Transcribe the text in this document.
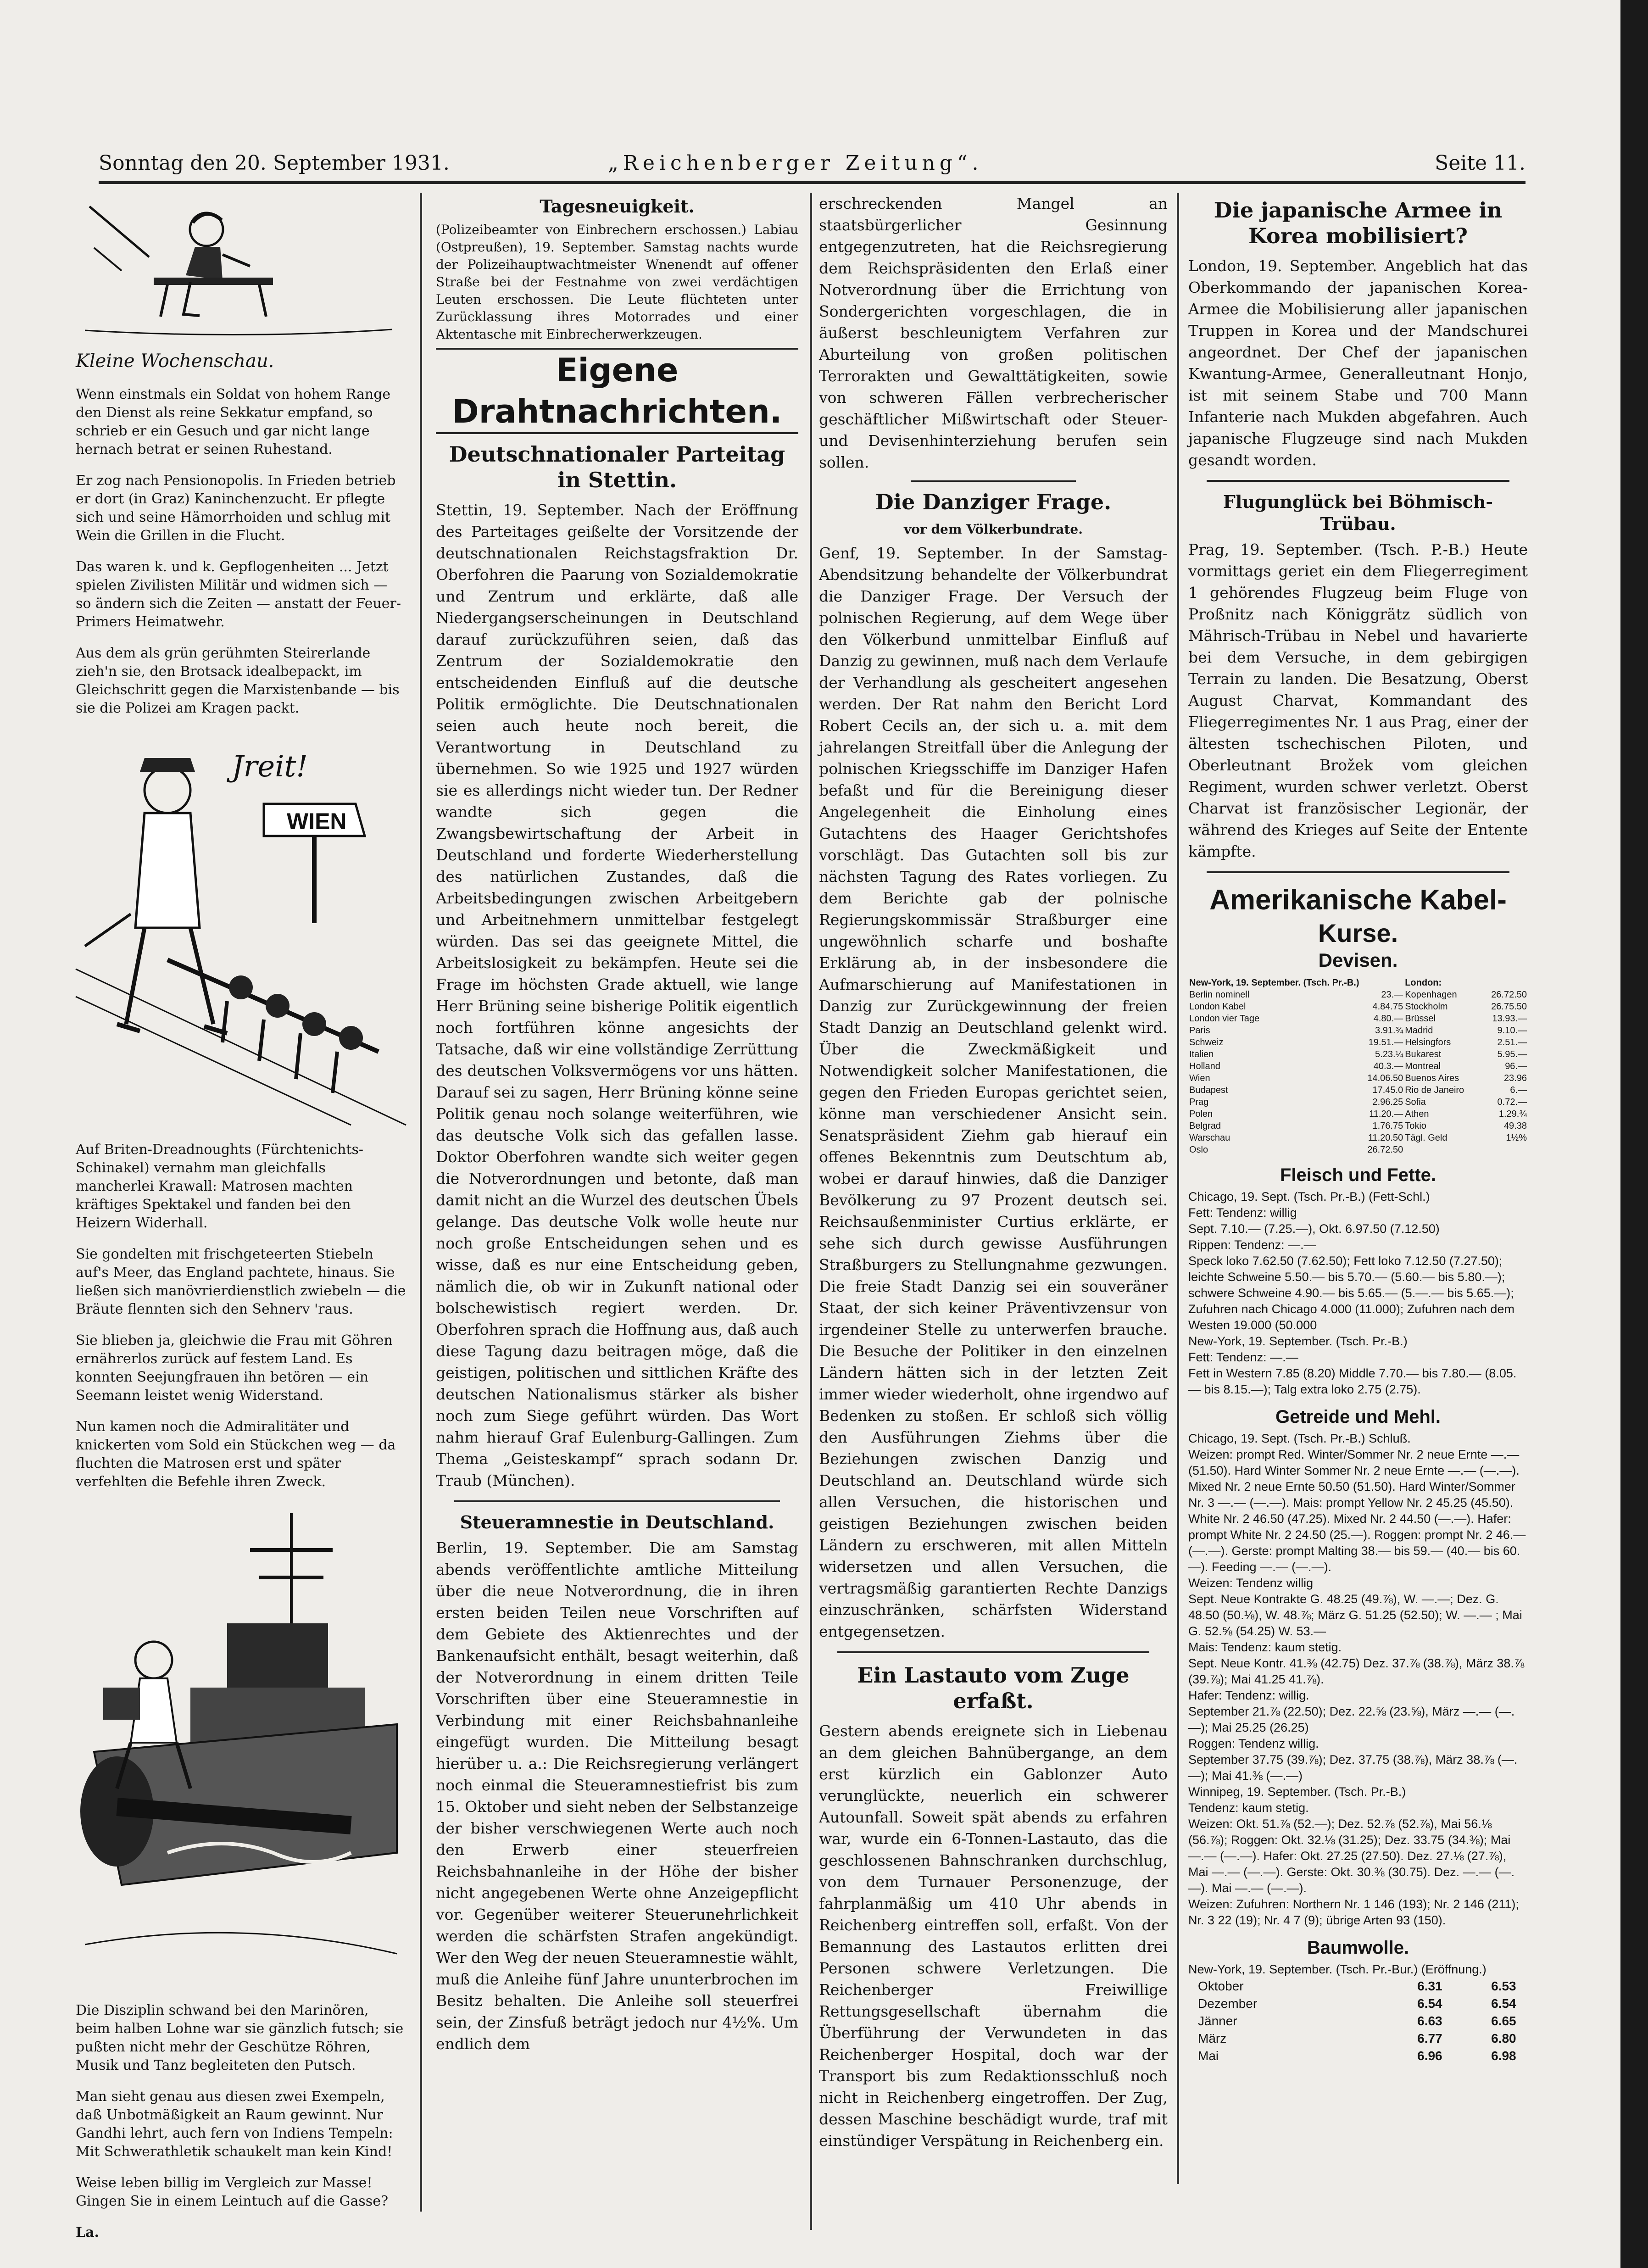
Sonntag den 20. September 1931.	„Reichenberger Zeitung“.	Seite 11.
Kleine Wochenschau.

Wenn einstmals ein Soldat von hohem Range den Dienst als reine Sekkatur empfand, so schrieb er ein Gesuch und gar nicht lange hernach betrat er seinen Ruhestand.

Er zog nach Pensionopolis. In Frieden betrieb er dort (in Graz) Kaninchenzucht. Er pflegte sich und seine Hämorrhoiden und schlug mit Wein die Grillen in die Flucht.

Das waren k. und k. Gepflogenheiten ... Jetzt spielen Zivilisten Militär und widmen sich — so ändern sich die Zeiten — anstatt der Feuer- Primers Heimatwehr.

Aus dem als grün gerühmten Steirerlande zieh'n sie, den Brotsack idealbepackt, im Gleichschritt gegen die Marxistenbande — bis sie die Polizei am Kragen packt.

Jreit!
WIEN

Auf Briten-Dreadnoughts (Fürchtenichts-Schinakel) vernahm man gleichfalls mancherlei Krawall: Matrosen machten kräftiges Spektakel und fanden bei den Heizern Widerhall.

Sie gondelten mit frischgeteerten Stiebeln auf's Meer, das England pachtete, hinaus. Sie ließen sich manövrierdienstlich zwiebeln — die Bräute flennten sich den Sehnerv 'raus.

Sie blieben ja, gleichwie die Frau mit Göhren ernährerlos zurück auf festem Land. Es konnten Seejungfrauen ihn betören — ein Seemann leistet wenig Widerstand.

Nun kamen noch die Admiralitäter und knickerten vom Sold ein Stückchen weg — da fluchten die Matrosen erst und später verfehlten die Befehle ihren Zweck.

Die Disziplin schwand bei den Marinören, beim halben Lohne war sie gänzlich futsch; sie pußten nicht mehr der Geschütze Röhren, Musik und Tanz begleiteten den Putsch.

Man sieht genau aus diesen zwei Exempeln, daß Unbotmäßigkeit an Raum gewinnt. Nur Gandhi lehrt, auch fern von Indiens Tempeln: Mit Schwerathletik schaukelt man kein Kind!

Weise leben billig im Vergleich zur Masse! Gingen Sie in einem Leintuch auf die Gasse?

La.

Tagesneuigkeit.

(Polizeibeamter von Einbrechern erschossen.) Labiau (Ostpreußen), 19. September. Samstag nachts wurde der Polizeihauptwachtmeister Wnenendt auf offener Straße bei der Festnahme von zwei verdächtigen Leuten erschossen. Die Leute flüchteten unter Zurücklassung ihres Motorrades und einer Aktentasche mit Einbrecherwerkzeugen.

Eigene Drahtnachrichten.
Deutschnationaler Parteitag in Stettin.

Stettin, 19. September. Nach der Eröffnung des Parteitages geißelte der Vorsitzende der deutschnationalen Reichstagsfraktion Dr. Oberfohren die Paarung von Sozialdemokratie und Zentrum und erklärte, daß alle Niedergangserscheinungen in Deutschland darauf zurückzuführen seien, daß das Zentrum der Sozialdemokratie den entscheidenden Einfluß auf die deutsche Politik ermöglichte. Die Deutschnationalen seien auch heute noch bereit, die Verantwortung in Deutschland zu übernehmen. So wie 1925 und 1927 würden sie es allerdings nicht wieder tun. Der Redner wandte sich gegen die Zwangsbewirtschaftung der Arbeit in Deutschland und forderte Wiederherstellung des natürlichen Zustandes, daß die Arbeitsbedingungen zwischen Arbeitgebern und Arbeitnehmern unmittelbar festgelegt würden. Das sei das geeignete Mittel, die Arbeitslosigkeit zu bekämpfen. Heute sei die Frage im höchsten Grade aktuell, wie lange Herr Brüning seine bisherige Politik eigentlich noch fortführen könne angesichts der Tatsache, daß wir eine vollständige Zerrüttung des deutschen Volksvermögens vor uns hätten. Darauf sei zu sagen, Herr Brüning könne seine Politik genau noch solange weiterführen, wie das deutsche Volk sich das gefallen lasse. Doktor Oberfohren wandte sich weiter gegen die Notverordnungen und betonte, daß man damit nicht an die Wurzel des deutschen Übels gelange. Das deutsche Volk wolle heute nur noch große Entscheidungen sehen und es wisse, daß es nur eine Entscheidung geben, nämlich die, ob wir in Zukunft national oder bolschewistisch regiert werden. Dr. Oberfohren sprach die Hoffnung aus, daß auch diese Tagung dazu beitragen möge, daß die geistigen, politischen und sittlichen Kräfte des deutschen Nationalismus stärker als bisher noch zum Siege geführt würden. Das Wort nahm hierauf Graf Eulenburg-Gallingen. Zum Thema „Geisteskampf“ sprach sodann Dr. Traub (München).

Steueramnestie in Deutschland.

Berlin, 19. September. Die am Samstag abends veröffentlichte amtliche Mitteilung über die neue Notverordnung, die in ihren ersten beiden Teilen neue Vorschriften auf dem Gebiete des Aktienrechtes und der Bankenaufsicht enthält, besagt weiterhin, daß der Notverordnung in einem dritten Teile Vorschriften über eine Steueramnestie in Verbindung mit einer Reichsbahnanleihe eingefügt wurden. Die Mitteilung besagt hierüber u. a.: Die Reichsregierung verlängert noch einmal die Steueramnestiefrist bis zum 15. Oktober und sieht neben der Selbstanzeige der bisher verschwiegenen Werte auch noch den Erwerb einer steuerfreien Reichsbahnanleihe in der Höhe der bisher nicht angegebenen Werte ohne Anzeigepflicht vor. Gegenüber weiterer Steuerunehrlichkeit werden die schärfsten Strafen angekündigt. Wer den Weg der neuen Steueramnestie wählt, muß die Anleihe fünf Jahre ununterbrochen im Besitz behalten. Die Anleihe soll steuerfrei sein, der Zinsfuß beträgt jedoch nur 4½%. Um endlich dem

erschreckenden Mangel an staatsbürgerlicher Gesinnung entgegenzutreten, hat die Reichsregierung dem Reichspräsidenten den Erlaß einer Notverordnung über die Errichtung von Sondergerichten vorgeschlagen, die in äußerst beschleunigtem Verfahren zur Aburteilung von großen politischen Terrorakten und Gewalttätigkeiten, sowie von schweren Fällen verbrecherischer geschäftlicher Mißwirtschaft oder Steuer- und Devisenhinterziehung berufen sein sollen.

Die Danziger Frage.
vor dem Völkerbundrate.

Genf, 19. September. In der Samstag-Abendsitzung behandelte der Völkerbundrat die Danziger Frage. Der Versuch der polnischen Regierung, auf dem Wege über den Völkerbund unmittelbar Einfluß auf Danzig zu gewinnen, muß nach dem Verlaufe der Verhandlung als gescheitert angesehen werden. Der Rat nahm den Bericht Lord Robert Cecils an, der sich u. a. mit dem jahrelangen Streitfall über die Anlegung der polnischen Kriegsschiffe im Danziger Hafen befaßt und für die Bereinigung dieser Angelegenheit die Einholung eines Gutachtens des Haager Gerichtshofes vorschlägt. Das Gutachten soll bis zur nächsten Tagung des Rates vorliegen. Zu dem Berichte gab der polnische Regierungskommissär Straßburger eine ungewöhnlich scharfe und boshafte Erklärung ab, in der insbesondere die Aufmarschierung auf Manifestationen in Danzig zur Zurückgewinnung der freien Stadt Danzig an Deutschland gelenkt wird. Über die Zweckmäßigkeit und Notwendigkeit solcher Manifestationen, die gegen den Frieden Europas gerichtet seien, könne man verschiedener Ansicht sein. Senatspräsident Ziehm gab hierauf ein offenes Bekenntnis zum Deutschtum ab, wobei er darauf hinwies, daß die Danziger Bevölkerung zu 97 Prozent deutsch sei. Reichsaußenminister Curtius erklärte, er sehe sich durch gewisse Ausführungen Straßburgers zu Stellungnahme gezwungen. Die freie Stadt Danzig sei ein souveräner Staat, der sich keiner Präventivzensur von irgendeiner Stelle zu unterwerfen brauche. Die Besuche der Politiker in den einzelnen Ländern hätten sich in der letzten Zeit immer wieder wiederholt, ohne irgendwo auf Bedenken zu stoßen. Er schloß sich völlig den Ausführungen Ziehms über die Beziehungen zwischen Danzig und Deutschland an. Deutschland würde sich allen Versuchen, die historischen und geistigen Beziehungen zwischen beiden Ländern zu erschweren, mit allen Mitteln widersetzen und allen Versuchen, die vertragsmäßig garantierten Rechte Danzigs einzuschränken, schärfsten Widerstand entgegensetzen.

Ein Lastauto vom Zuge erfaßt.

Gestern abends ereignete sich in Liebenau an dem gleichen Bahnübergange, an dem erst kürzlich ein Gablonzer Auto verunglückte, neuerlich ein schwerer Autounfall. Soweit spät abends zu erfahren war, wurde ein 6-Tonnen-Lastauto, das die geschlossenen Bahnschranken durchschlug, von dem Turnauer Personenzuge, der fahrplanmäßig um 410 Uhr abends in Reichenberg eintreffen soll, erfaßt. Von der Bemannung des Lastautos erlitten drei Personen schwere Verletzungen. Die Reichenberger Freiwillige Rettungsgesellschaft übernahm die Überführung der Verwundeten in das Reichenberger Hospital, doch war der Transport bis zum Redaktionsschluß noch nicht in Reichenberg eingetroffen. Der Zug, dessen Maschine beschädigt wurde, traf mit einstündiger Verspätung in Reichenberg ein.

Die japanische Armee in Korea mobilisiert?

London, 19. September. Angeblich hat das Oberkommando der japanischen Korea-Armee die Mobilisierung aller japanischen Truppen in Korea und der Mandschurei angeordnet. Der Chef der japanischen Kwantung-Armee, Generalleutnant Honjo, ist mit seinem Stabe und 700 Mann Infanterie nach Mukden abgefahren. Auch japanische Flugzeuge sind nach Mukden gesandt worden.

Flugunglück bei Böhmisch-Trübau.

Prag, 19. September. (Tsch. P.-B.) Heute vormittags geriet ein dem Fliegerregiment 1 gehörendes Flugzeug beim Fluge von Proßnitz nach Königgrätz südlich von Mährisch-Trübau in Nebel und havarierte bei dem Versuche, in dem gebirgigen Terrain zu landen. Die Besatzung, Oberst August Charvat, Kommandant des Fliegerregimentes Nr. 1 aus Prag, einer der ältesten tschechischen Piloten, und Oberleutnant Brožek vom gleichen Regiment, wurden schwer verletzt. Oberst Charvat ist französischer Legionär, der während des Krieges auf Seite der Entente kämpfte.

Amerikanische Kabel-
Kurse.
Devisen.
New-York, 19. September. (Tsch. Pr.-B.)		London:	
Berlin nominell	23.—	Kopenhagen	26.72.50
London Kabel	4.84.75	Stockholm	26.75.50
London vier Tage	4.80.—	Brüssel	13.93.—
Paris	3.91.¾	Madrid	9.10.—
Schweiz	19.51.—	Helsingfors	2.51.—
Italien	5.23.¼	Bukarest	5.95.—
Holland	40.3.—	Montreal	96.—
Wien	14.06.50	Buenos Aires	23.96
Budapest	17.45.0	Rio de Janeiro	6.—
Prag	2.96.25	Sofia	0.72.—
Polen	11.20.—	Athen	1.29.¾
Belgrad	1.76.75	Tokio	49.38
Warschau	11.20.50	Tägl. Geld	1½%
Oslo	26.72.50		
Fleisch und Fette.

Chicago, 19. Sept. (Tsch. Pr.-B.) (Fett-Schl.)

Fett: Tendenz: willig

Sept. 7.10.— (7.25.—), Okt. 6.97.50 (7.12.50)

Rippen: Tendenz: —.—

Speck loko 7.62.50 (7.62.50); Fett loko 7.12.50 (7.27.50); leichte Schweine 5.50.— bis 5.70.— (5.60.— bis 5.80.—); schwere Schweine 4.90.— bis 5.65.— (5.—.— bis 5.65.—); Zufuhren nach Chicago 4.000 (11.000); Zufuhren nach dem Westen 19.000 (50.000

New-York, 19. September. (Tsch. Pr.-B.)

Fett: Tendenz: —.—

Fett in Western 7.85 (8.20) Middle 7.70.— bis 7.80.— (8.05.— bis 8.15.—); Talg extra loko 2.75 (2.75).

Getreide und Mehl.

Chicago, 19. Sept. (Tsch. Pr.-B.) Schluß.

Weizen: prompt Red. Winter/Sommer Nr. 2 neue Ernte —.— (51.50). Hard Winter Sommer Nr. 2 neue Ernte —.— (—.—). Mixed Nr. 2 neue Ernte 50.50 (51.50). Hard Winter/Sommer Nr. 3 —.— (—.—). Mais: prompt Yellow Nr. 2 45.25 (45.50). White Nr. 2 46.50 (47.25). Mixed Nr. 2 44.50 (—.—). Hafer: prompt White Nr. 2 24.50 (25.—). Roggen: prompt Nr. 2 46.— (—.—). Gerste: prompt Malting 38.— bis 59.— (40.— bis 60.—). Feeding —.— (—.—).

Weizen: Tendenz willig

Sept. Neue Kontrakte G. 48.25 (49.⅞), W. —.—; Dez. G. 48.50 (50.⅛), W. 48.⅞; März G. 51.25 (52.50); W. —.— ; Mai G. 52.⅝ (54.25) W. 53.—

Mais: Tendenz: kaum stetig.

Sept. Neue Kontr. 41.⅜ (42.75) Dez. 37.⅞ (38.⅞), März 38.⅞ (39.⅞); Mai 41.25 41.⅞).

Hafer: Tendenz: willig.

September 21.⅞ (22.50); Dez. 22.⅝ (23.⅝), März —.— (—.—); Mai 25.25 (26.25)

Roggen: Tendenz willig.

September 37.75 (39.⅞); Dez. 37.75 (38.⅞), März 38.⅞ (—.—); Mai 41.⅜ (—.—)

Winnipeg, 19. September. (Tsch. Pr.-B.)

Tendenz: kaum stetig.

Weizen: Okt. 51.⅞ (52.—); Dez. 52.⅞ (52.⅞), Mai 56.⅛ (56.⅞); Roggen: Okt. 32.⅛ (31.25); Dez. 33.75 (34.⅜); Mai —.— (—.—). Hafer: Okt. 27.25 (27.50). Dez. 27.⅛ (27.⅞), Mai —.— (—.—). Gerste: Okt. 30.⅜ (30.75). Dez. —.— (—.—). Mai —.— (—.—).

Weizen: Zufuhren: Northern Nr. 1 146 (193); Nr. 2 146 (211); Nr. 3 22 (19); Nr. 4 7 (9); übrige Arten 93 (150).

Baumwolle.

New-York, 19. September. (Tsch. Pr.-Bur.) (Eröffnung.)

Oktober	6.31	6.53
Dezember	6.54	6.54
Jänner	6.63	6.65
März	6.77	6.80
Mai	6.96	6.98
